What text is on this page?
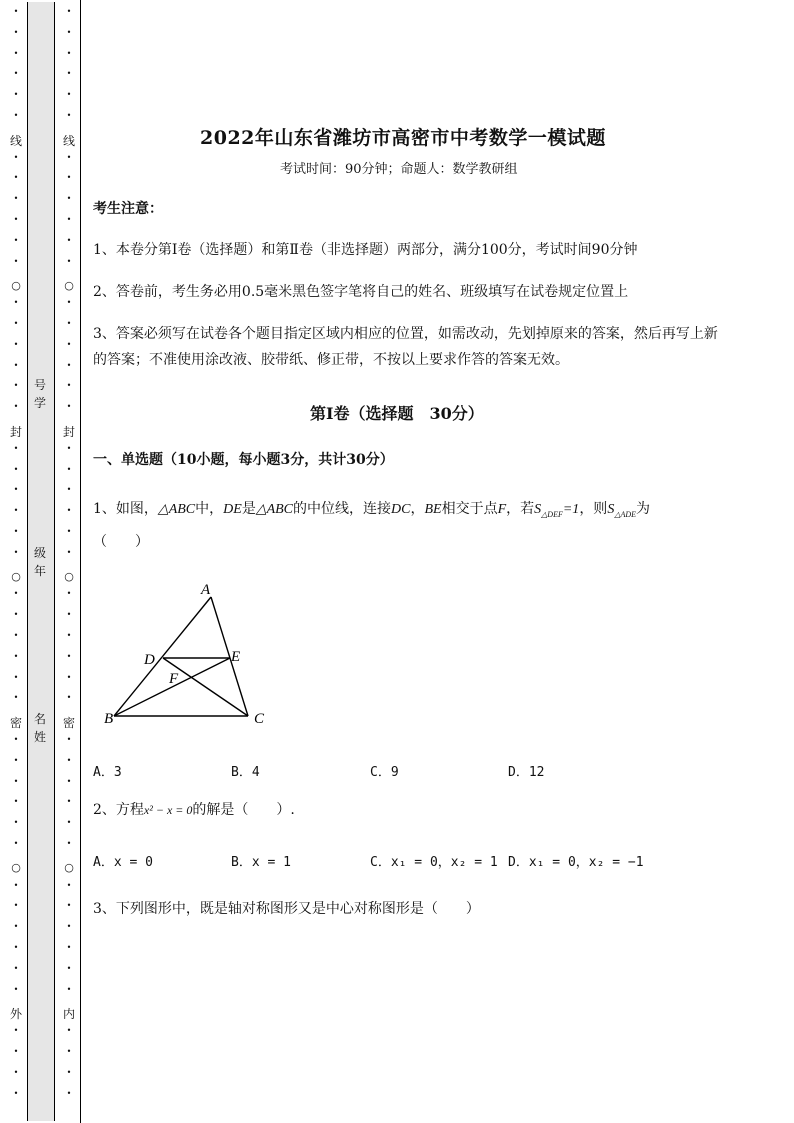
线
封
密
外
○
○
○
•
•
•
•
•
•
•
•
•
•
•
•
•
•
•
•
•
•
•
•
•
•
•
•
•
•
•
•
•
•
•
•
•
•
•
•
•
•
•
•
•
•
•
•
•
•
线
封
密
内
○
○
○
•
•
•
•
•
•
•
•
•
•
•
•
•
•
•
•
•
•
•
•
•
•
•
•
•
•
•
•
•
•
•
•
•
•
•
•
•
•
•
•
•
•
•
•
•
•
号
学
级
年
名
姓
2022年山东省潍坊市高密市中考数学一模试题
考试时间：90分钟；命题人：数学教研组
考生注意：
1、本卷分第I卷（选择题）和第Ⅱ卷（非选择题）两部分，满分100分，考试时间90分钟
2、答卷前，考生务必用0.5毫米黑色签字笔将自己的姓名、班级填写在试卷规定位置上
3、答案必须写在试卷各个题目指定区域内相应的位置，如需改动，先划掉原来的答案，然后再写上新
的答案；不准使用涂改液、胶带纸、修正带，不按以上要求作答的答案无效。
第I卷（选择题　30分）
一、单选题（10小题，每小题3分，共计30分）
1、如图，△ABC中，DE是△ABC的中位线，连接DC，BE相交于点F，若$S_{\triangle DEF}=1$，则$S_{\triangle ADE}$为
（　　）
A
D	E
F
B	C
A．3	B．4	C．9	D．12
2、方程x² − x = 0的解是（　　）.
A．x = 0	B．x = 1	C．x₁ = 0，x₂ = 1 D．x₁ = 0，x₂ = −1
3、下列图形中，既是轴对称图形又是中心对称图形是（　　）
